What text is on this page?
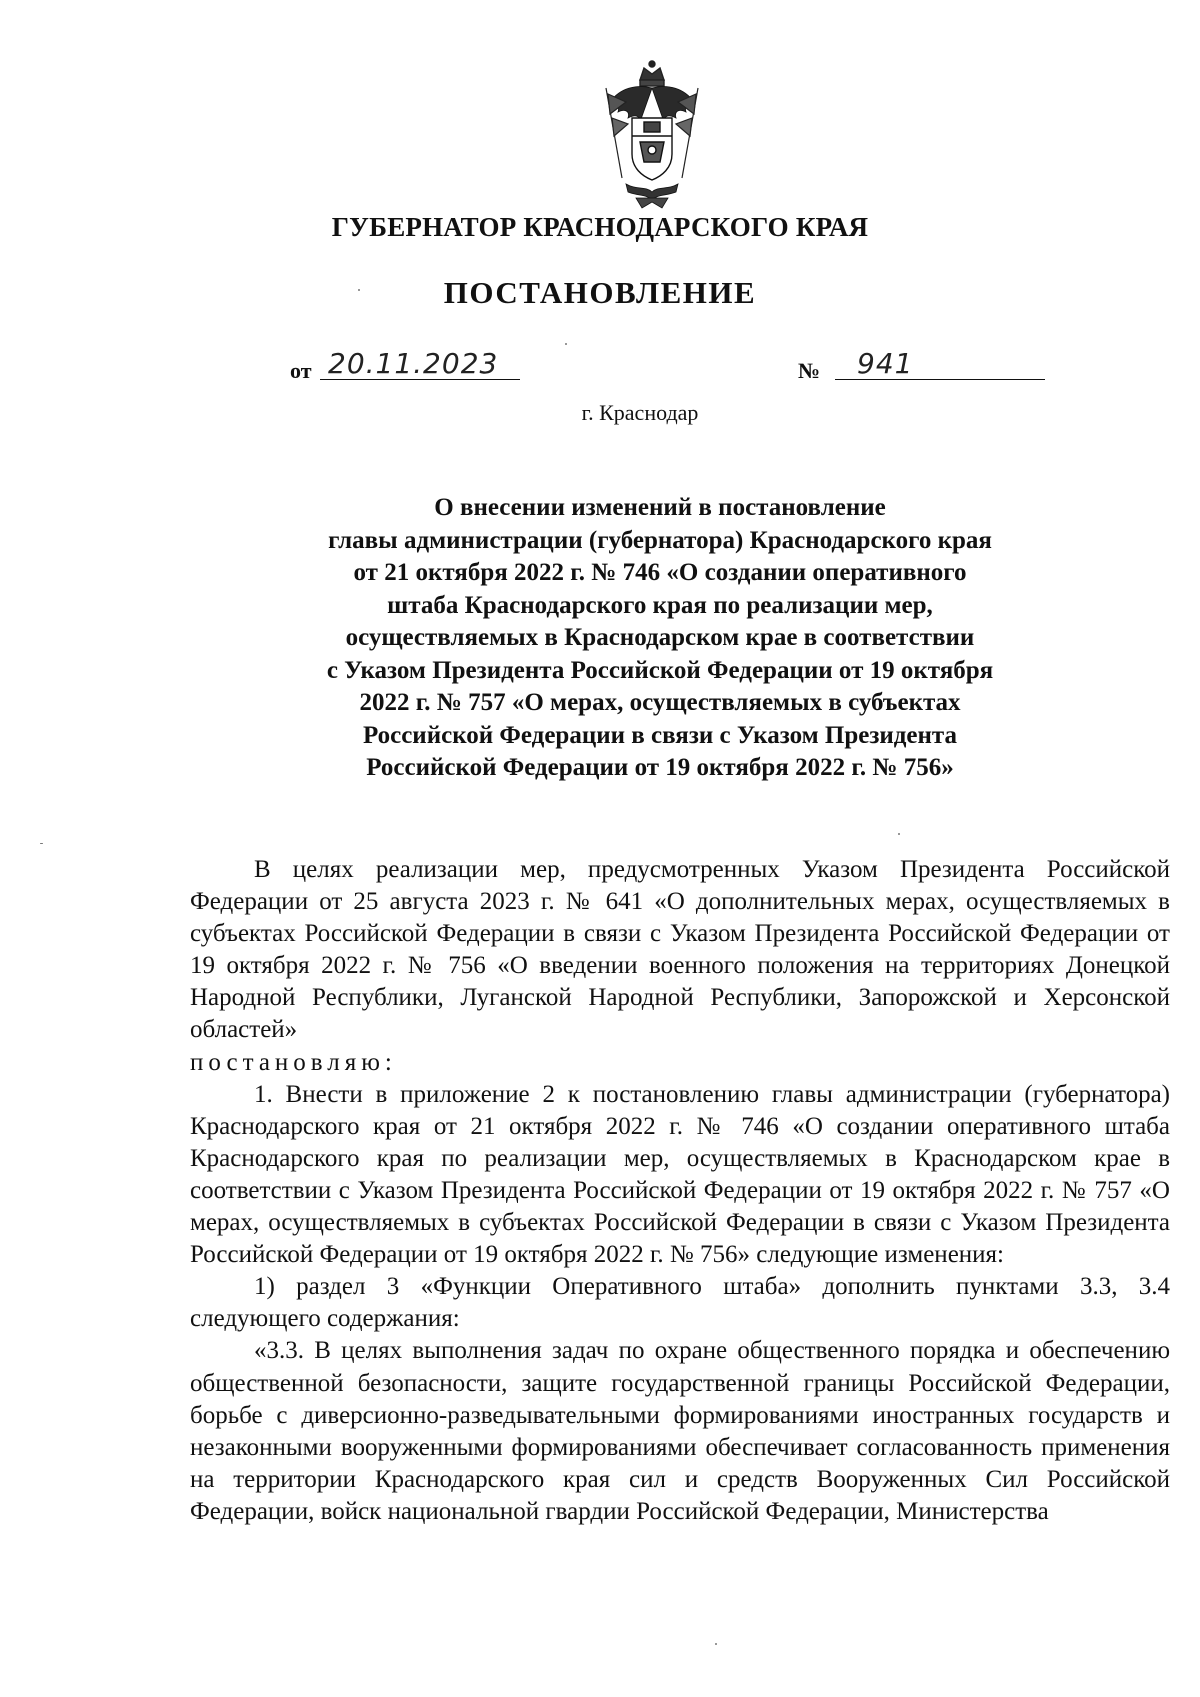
ГУБЕРНАТОР КРАСНОДАРСКОГО КРАЯ
ПОСТАНОВЛЕНИЕ
от 20.11.2023	№	941
г. Краснодар
О внесении изменений в постановление
главы администрации (губернатора) Краснодарского края
от 21 октября 2022 г. № 746 «О создании оперативного
штаба Краснодарского края по реализации мер,
осуществляемых в Краснодарском крае в соответствии
с Указом Президента Российской Федерации от 19 октября
2022 г. № 757 «О мерах, осуществляемых в субъектах
Российской Федерации в связи с Указом Президента
Российской Федерации от 19 октября 2022 г. № 756»

В целях реализации мер, предусмотренных Указом Президента Российской Федерации от 25 августа 2023 г. № 641 «О дополнительных мерах, осуществляемых в субъектах Российской Федерации в связи с Указом Президента Российской Федерации от 19 октября 2022 г. № 756 «О введении военного положения на территориях Донецкой Народной Республики, Луганской Народной Республики, Запорожской и Херсонской областей»

постановляю:

1. Внести в приложение 2 к постановлению главы администрации (губернатора) Краснодарского края от 21 октября 2022 г. № 746 «О создании оперативного штаба Краснодарского края по реализации мер, осуществляемых в Краснодарском крае в соответствии с Указом Президента Российской Федерации от 19 октября 2022 г. № 757 «О мерах, осуществляемых в субъектах Российской Федерации в связи с Указом Президента Российской Федерации от 19 октября 2022 г. № 756» следующие изменения:

1) раздел 3 «Функции Оперативного штаба» дополнить пунктами 3.3, 3.4 следующего содержания:

«3.3. В целях выполнения задач по охране общественного порядка и обеспечению общественной безопасности, защите государственной границы Российской Федерации, борьбе с диверсионно-разведывательными формированиями иностранных государств и незаконными вооруженными формированиями обеспечивает согласованность применения на территории Краснодарского края сил и средств Вооруженных Сил Российской Федерации, войск национальной гвардии Российской Федерации, Министерства
